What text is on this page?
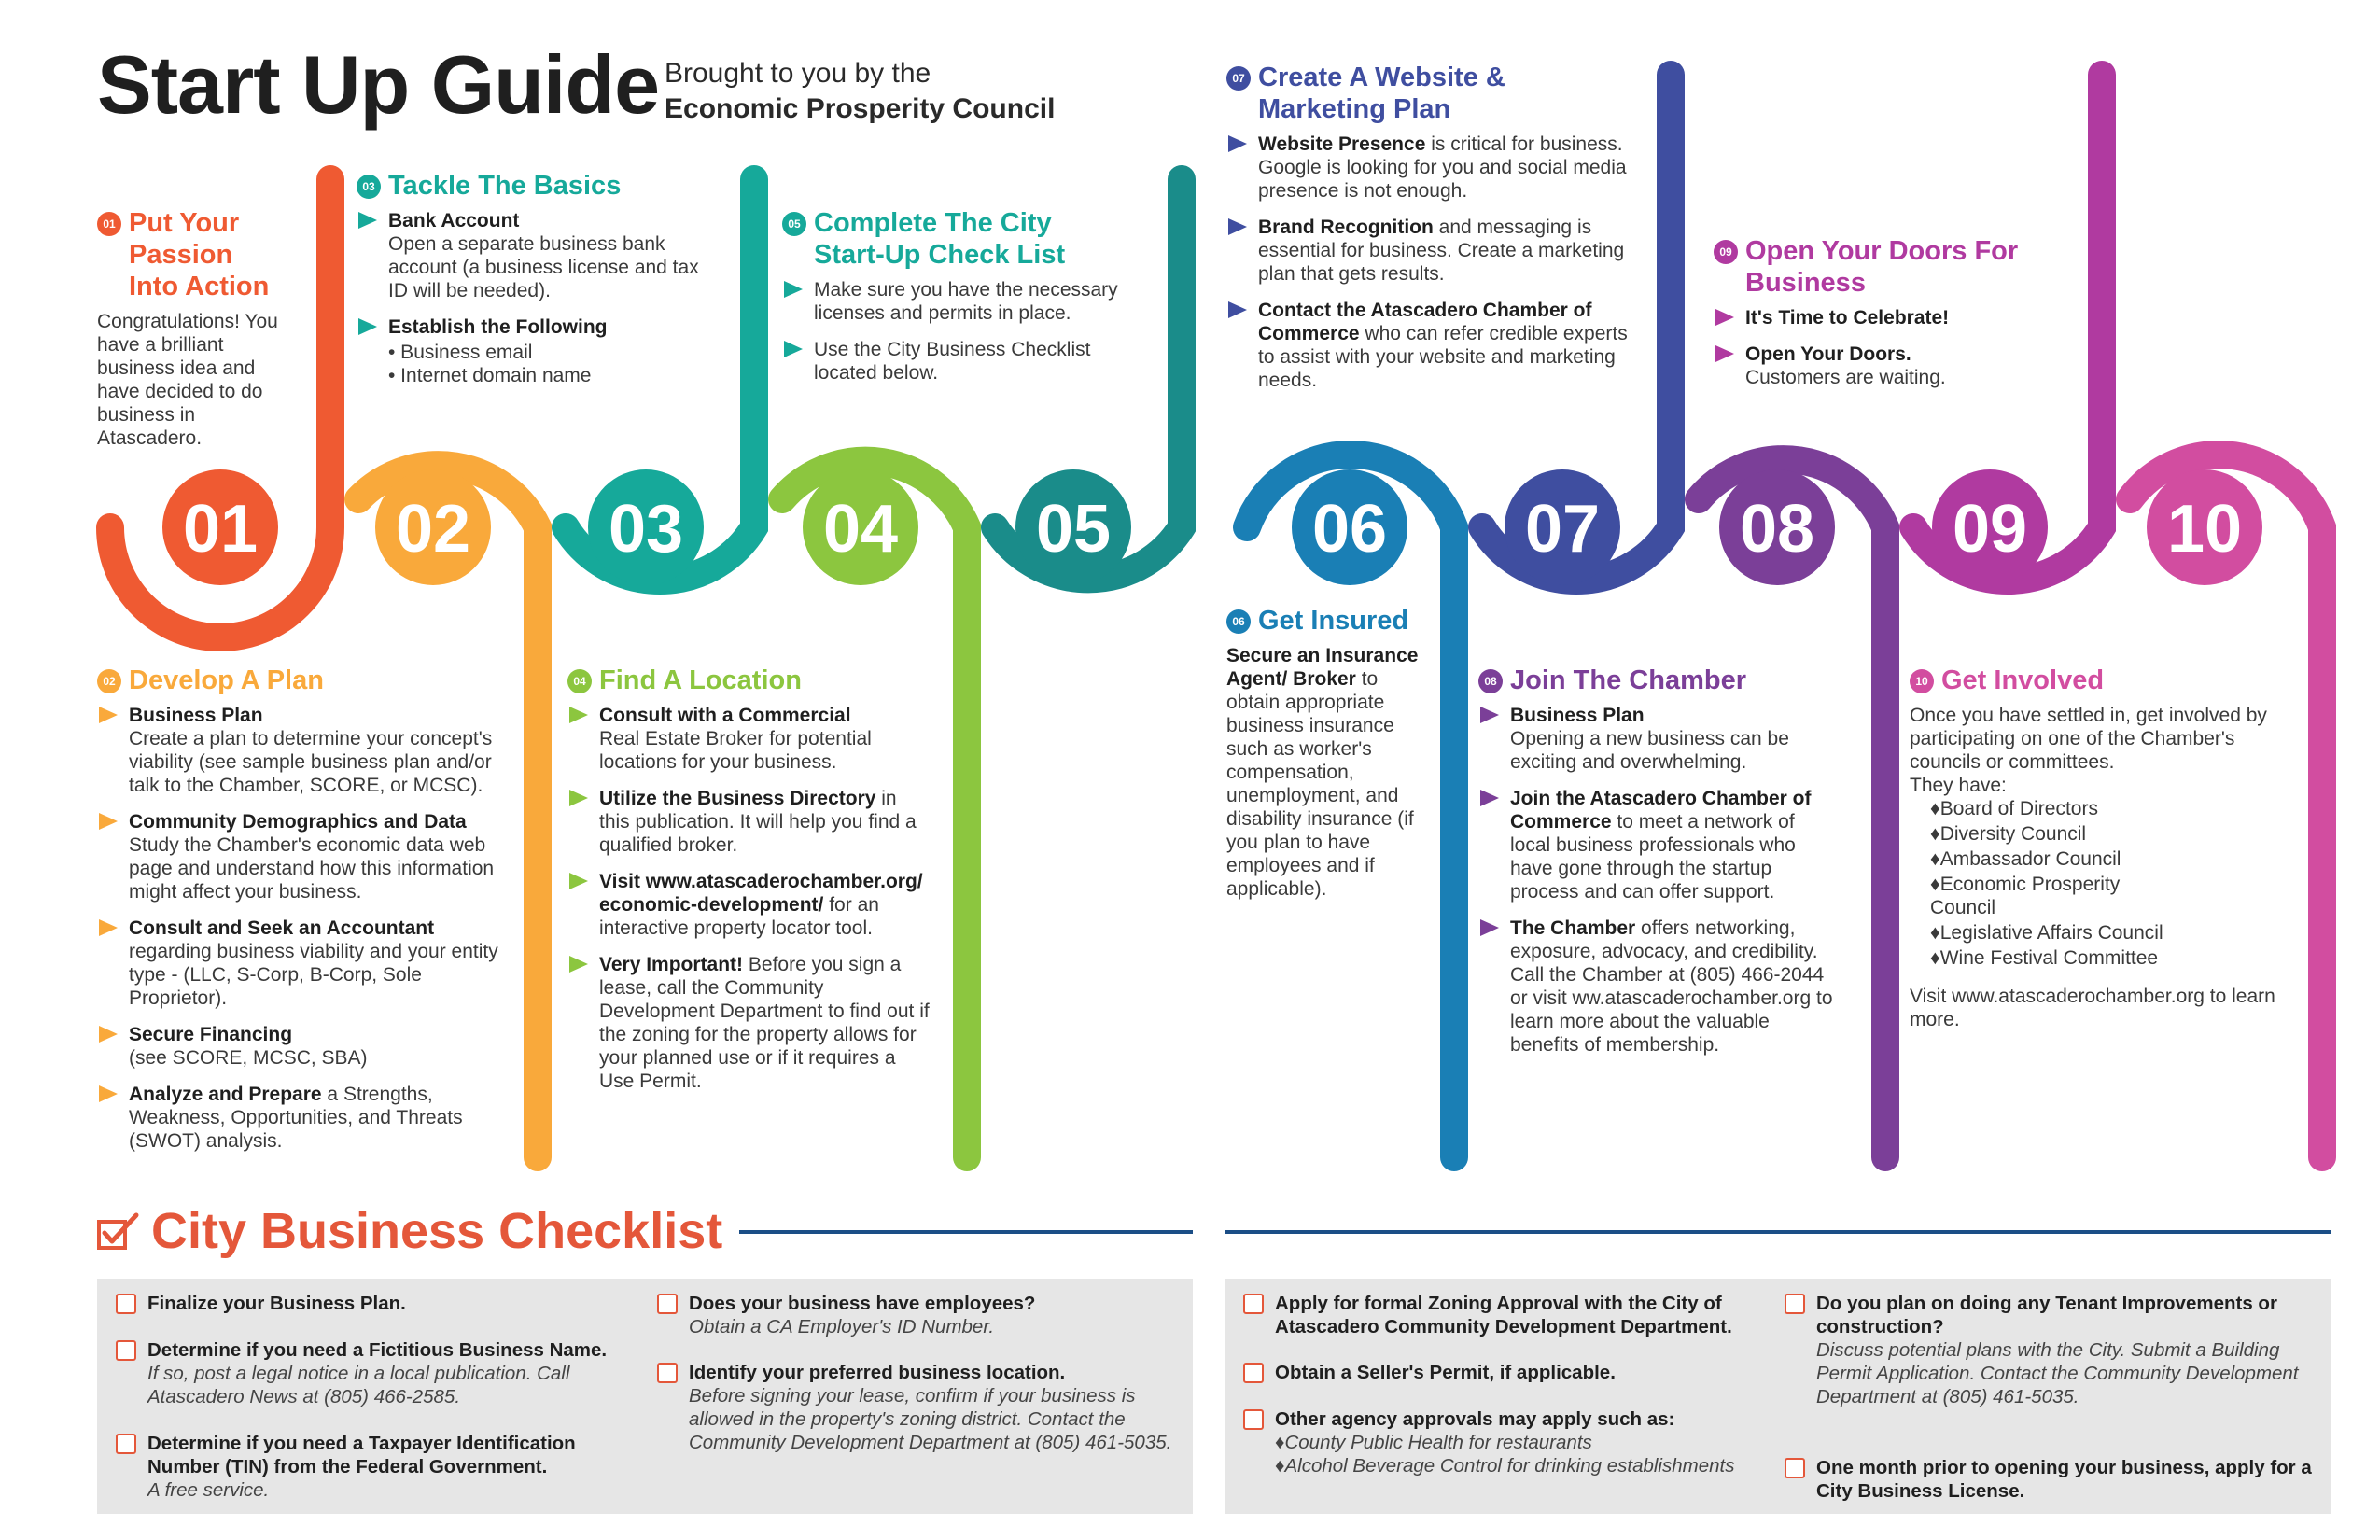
Start Up Guide Brought to you by the
Economic Prosperity Council
01 02 03 04 05	06 07 08 09 10
01 Put Your Passion Into Action

Congratulations! You have a brilliant business idea and have decided to do business in Atascadero.

03 Tackle The Basics
Bank Account
Open a separate business bank account (a business license and tax ID will be needed).
Establish the Following
• Business email
• Internet domain name
05 Complete The City Start-Up Check List
Make sure you have the necessary licenses and permits in place.
Use the City Business Checklist located below.
07 Create A Website & Marketing Plan
Website Presence is critical for business. Google is looking for you and social media presence is not enough.
Brand Recognition and messaging is essential for business. Create a marketing plan that gets results.
Contact the Atascadero Chamber of Commerce who can refer credible experts to assist with your website and marketing needs.
09 Open Your Doors For Business
It's Time to Celebrate!
Open Your Doors.
Customers are waiting.
02 Develop A Plan
Business Plan
Create a plan to determine your concept's viability (see sample business plan and/or talk to the Chamber, SCORE, or MCSC).
Community Demographics and Data
Study the Chamber's economic data web page and understand how this information might affect your business.
Consult and Seek an Accountant
regarding business viability and your entity type - (LLC, S-Corp, B-Corp, Sole Proprietor).
Secure Financing
(see SCORE, MCSC, SBA)
Analyze and Prepare a Strengths, Weakness, Opportunities, and Threats (SWOT) analysis.
04 Find A Location
Consult with a Commercial
Real Estate Broker for potential locations for your business.
Utilize the Business Directory in this publication. It will help you find a qualified broker.
Visit www.atascaderochamber.org/economic-development/ for an interactive property locator tool.
Very Important! Before you sign a lease, call the Community Development Department to find out if the zoning for the property allows for your planned use or if it requires a Use Permit.
06 Get Insured

Secure an Insurance Agent/ Broker to obtain appropriate business insurance such as worker's compensation, unemployment, and disability insurance (if you plan to have employees and if applicable).

08 Join The Chamber
Business Plan
Opening a new business can be exciting and overwhelming.
Join the Atascadero Chamber of Commerce to meet a network of local business professionals who have gone through the startup process and can offer support.
The Chamber offers networking, exposure, advocacy, and credibility. Call the Chamber at (805) 466-2044 or visit ww.atascaderochamber.org to learn more about the valuable benefits of membership.
10 Get Involved

Once you have settled in, get involved by participating on one of the Chamber's councils or committees.

They have:

♦Board of Directors
♦Diversity Council
♦Ambassador Council
♦Economic Prosperity Council
♦Legislative Affairs Council
♦Wine Festival Committee

Visit www.atascaderochamber.org to learn more.

City Business Checklist
Finalize your Business Plan.
Determine if you need a Fictitious Business Name.
If so, post a legal notice in a local publication. Call Atascadero News at (805) 466-2585.
Determine if you need a Taxpayer Identification Number (TIN) from the Federal Government.
A free service.
Does your business have employees?
Obtain a CA Employer's ID Number.
Identify your preferred business location.
Before signing your lease, confirm if your business is allowed in the property's zoning district. Contact the Community Development Department at (805) 461-5035.
Apply for formal Zoning Approval with the City of Atascadero Community Development Department.
Obtain a Seller's Permit, if applicable.
Other agency approvals may apply such as:
♦County Public Health for restaurants
♦Alcohol Beverage Control for drinking establishments
Do you plan on doing any Tenant Improvements or construction?
Discuss potential plans with the City. Submit a Building Permit Application. Contact the Community Development Department at (805) 461-5035.
One month prior to opening your business, apply for a City Business License.
